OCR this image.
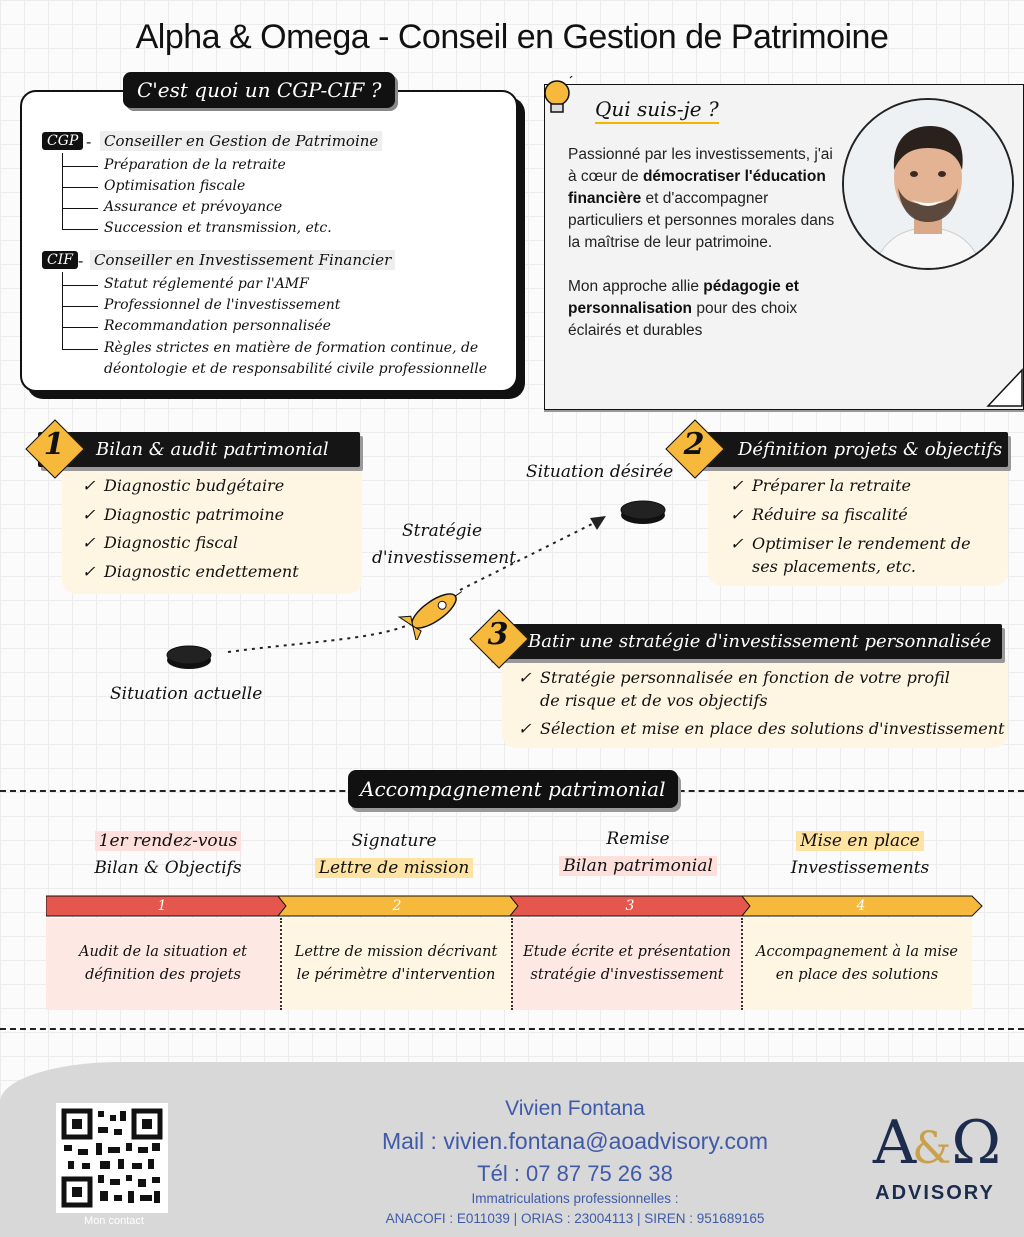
Alpha & Omega - Conseil en Gestion de Patrimoine
C'est quoi un CGP-CIF ?
CGP - Conseiller en Gestion de Patrimoine
Préparation de la retraite
Optimisation fiscale
Assurance et prévoyance
Succession et transmission, etc.
CIF - Conseiller en Investissement Financier
Statut réglementé par l'AMF
Professionnel de l'investissement
Recommandation personnalisée
Règles strictes en matière de formation continue, de
déontologie et de responsabilité civile professionnelle
Qui suis-je ?
Passionné par les investissements, j'ai à cœur de démocratiser l'éducation financière et d'accompagner particuliers et personnes morales dans la maîtrise de leur patrimoine.
Mon approche allie pédagogie et personnalisation pour des choix éclairés et durables
Bilan & audit patrimonial
1
✓ Diagnostic budgétaire
✓ Diagnostic patrimoine
✓ Diagnostic fiscal
✓ Diagnostic endettement
Définition projets & objectifs
2
✓ Préparer la retraite
✓ Réduire sa fiscalité
✓ Optimiser le rendement de
ses placements, etc.
Batir une stratégie d'investissement personnalisée
3
✓ Stratégie personnalisée en fonction de votre profil
de risque et de vos objectifs
✓ Sélection et mise en place des solutions d'investissement
Situation actuelle
Situation désirée
Stratégie
d'investissement
Accompagnement patrimonial
1er rendez-vous
Bilan & Objectifs
Signature
Lettre de mission
Remise
Bilan patrimonial
Mise en place
Investissements
1	2	3	4
Audit de la situation et
définition des projets
Lettre de mission décrivant
le périmètre d'intervention
Etude écrite et présentation
stratégie d'investissement
Accompagnement à la mise
en place des solutions
Mon contact
Vivien Fontana
Mail : vivien.fontana@aoadvisory.com
Tél : 07 87 75 26 38
Immatriculations professionnelles :
ANACOFI : E011039 | ORIAS : 23004113 | SIREN : 951689165
A&Ω
ADVISORY
